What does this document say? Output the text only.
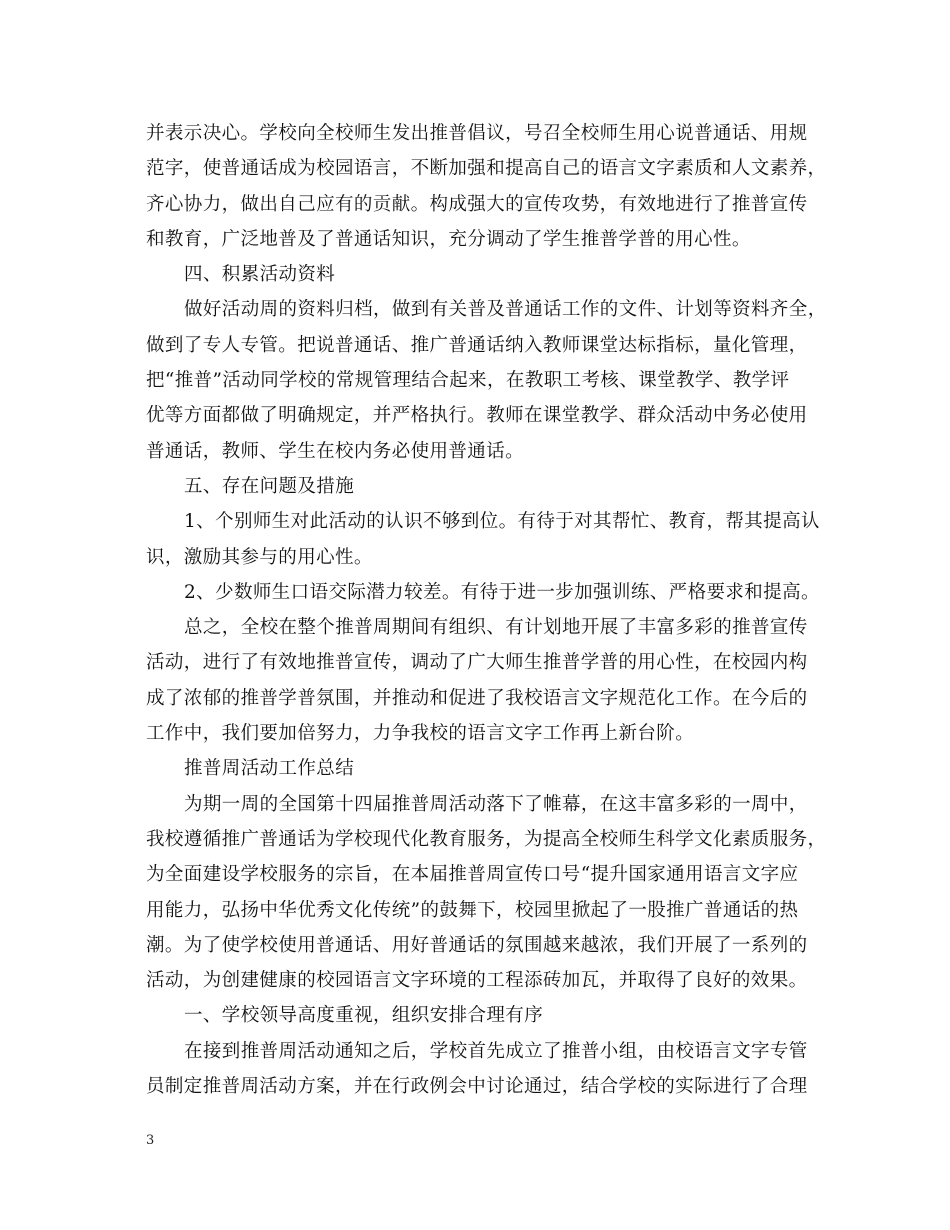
并表示决心。学校向全校师生发出推普倡议，号召全校师生用心说普通话、用规
范字，使普通话成为校园语言，不断加强和提高自己的语言文字素质和人文素养，
齐心协力，做出自己应有的贡献。构成强大的宣传攻势，有效地进行了推普宣传
和教育，广泛地普及了普通话知识，充分调动了学生推普学普的用心性。
四、积累活动资料
做好活动周的资料归档，做到有关普及普通话工作的文件、计划等资料齐全，
做到了专人专管。把说普通话、推广普通话纳入教师课堂达标指标，量化管理，
把“推普”活动同学校的常规管理结合起来，在教职工考核、课堂教学、教学评
优等方面都做了明确规定，并严格执行。教师在课堂教学、群众活动中务必使用
普通话，教师、学生在校内务必使用普通话。
五、存在问题及措施
1、个别师生对此活动的认识不够到位。有待于对其帮忙、教育，帮其提高认
识，激励其参与的用心性。
2、少数师生口语交际潜力较差。有待于进一步加强训练、严格要求和提高。
总之，全校在整个推普周期间有组织、有计划地开展了丰富多彩的推普宣传
活动，进行了有效地推普宣传，调动了广大师生推普学普的用心性，在校园内构
成了浓郁的推普学普氛围，并推动和促进了我校语言文字规范化工作。在今后的
工作中，我们要加倍努力，力争我校的语言文字工作再上新台阶。
推普周活动工作总结
为期一周的全国第十四届推普周活动落下了帷幕，在这丰富多彩的一周中，
我校遵循推广普通话为学校现代化教育服务，为提高全校师生科学文化素质服务，
为全面建设学校服务的宗旨，在本届推普周宣传口号“提升国家通用语言文字应
用能力，弘扬中华优秀文化传统”的鼓舞下，校园里掀起了一股推广普通话的热
潮。为了使学校使用普通话、用好普通话的氛围越来越浓，我们开展了一系列的
活动，为创建健康的校园语言文字环境的工程添砖加瓦，并取得了良好的效果。
一、学校领导高度重视，组织安排合理有序
在接到推普周活动通知之后，学校首先成立了推普小组，由校语言文字专管
员制定推普周活动方案，并在行政例会中讨论通过，结合学校的实际进行了合理
3
